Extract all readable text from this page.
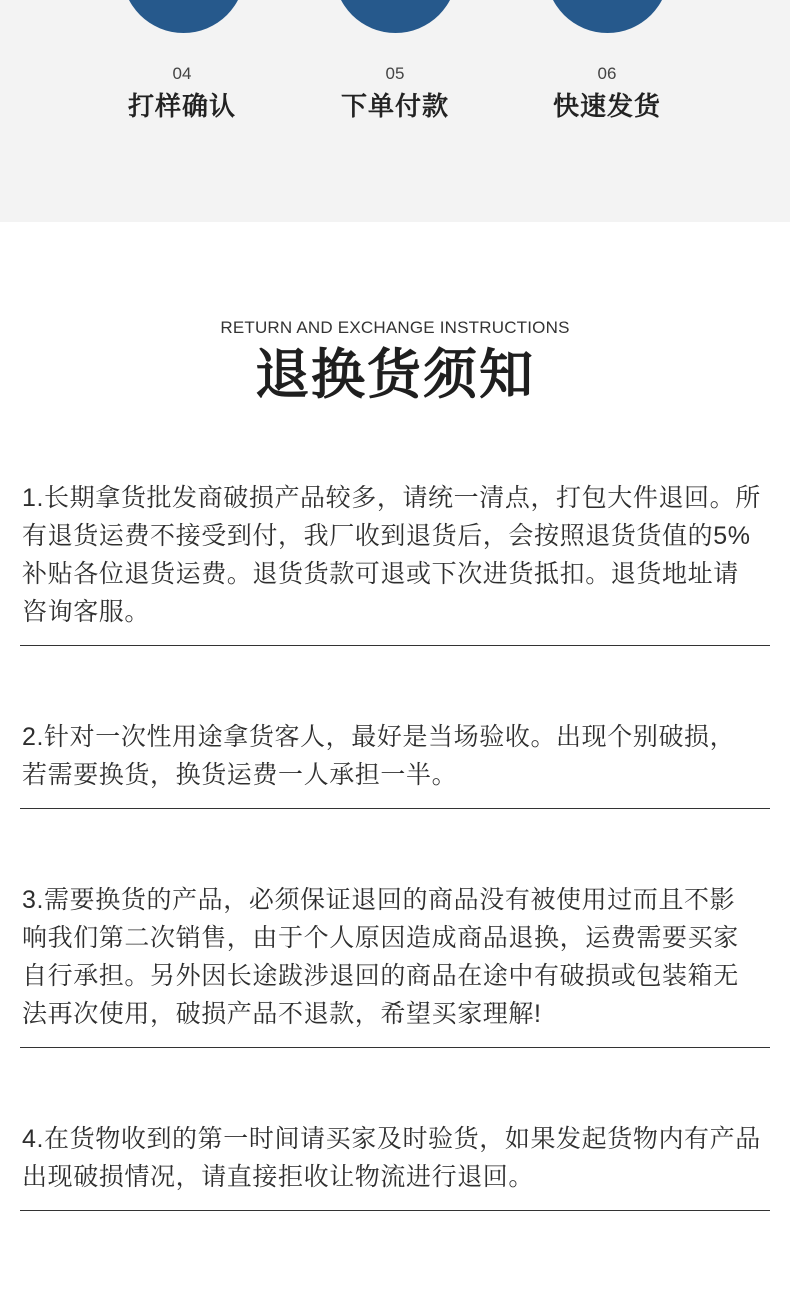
04
打样确认
05
下单付款
06
快速发货
RETURN AND EXCHANGE INSTRUCTIONS
退换货须知
1.长期拿货批发商破损产品较多，请统一清点，打包大件退回。所
有退货运费不接受到付，我厂收到退货后，会按照退货货值的5%
补贴各位退货运费。退货货款可退或下次进货抵扣。退货地址请
咨询客服。
2.针对一次性用途拿货客人，最好是当场验收。出现个别破损，
若需要换货，换货运费一人承担一半。
3.需要换货的产品，必须保证退回的商品没有被使用过而且不影
响我们第二次销售，由于个人原因造成商品退换，运费需要买家
自行承担。另外因长途跋涉退回的商品在途中有破损或包装箱无
法再次使用，破损产品不退款，希望买家理解!
4.在货物收到的第一时间请买家及时验货，如果发起货物内有产品
出现破损情况，请直接拒收让物流进行退回。
